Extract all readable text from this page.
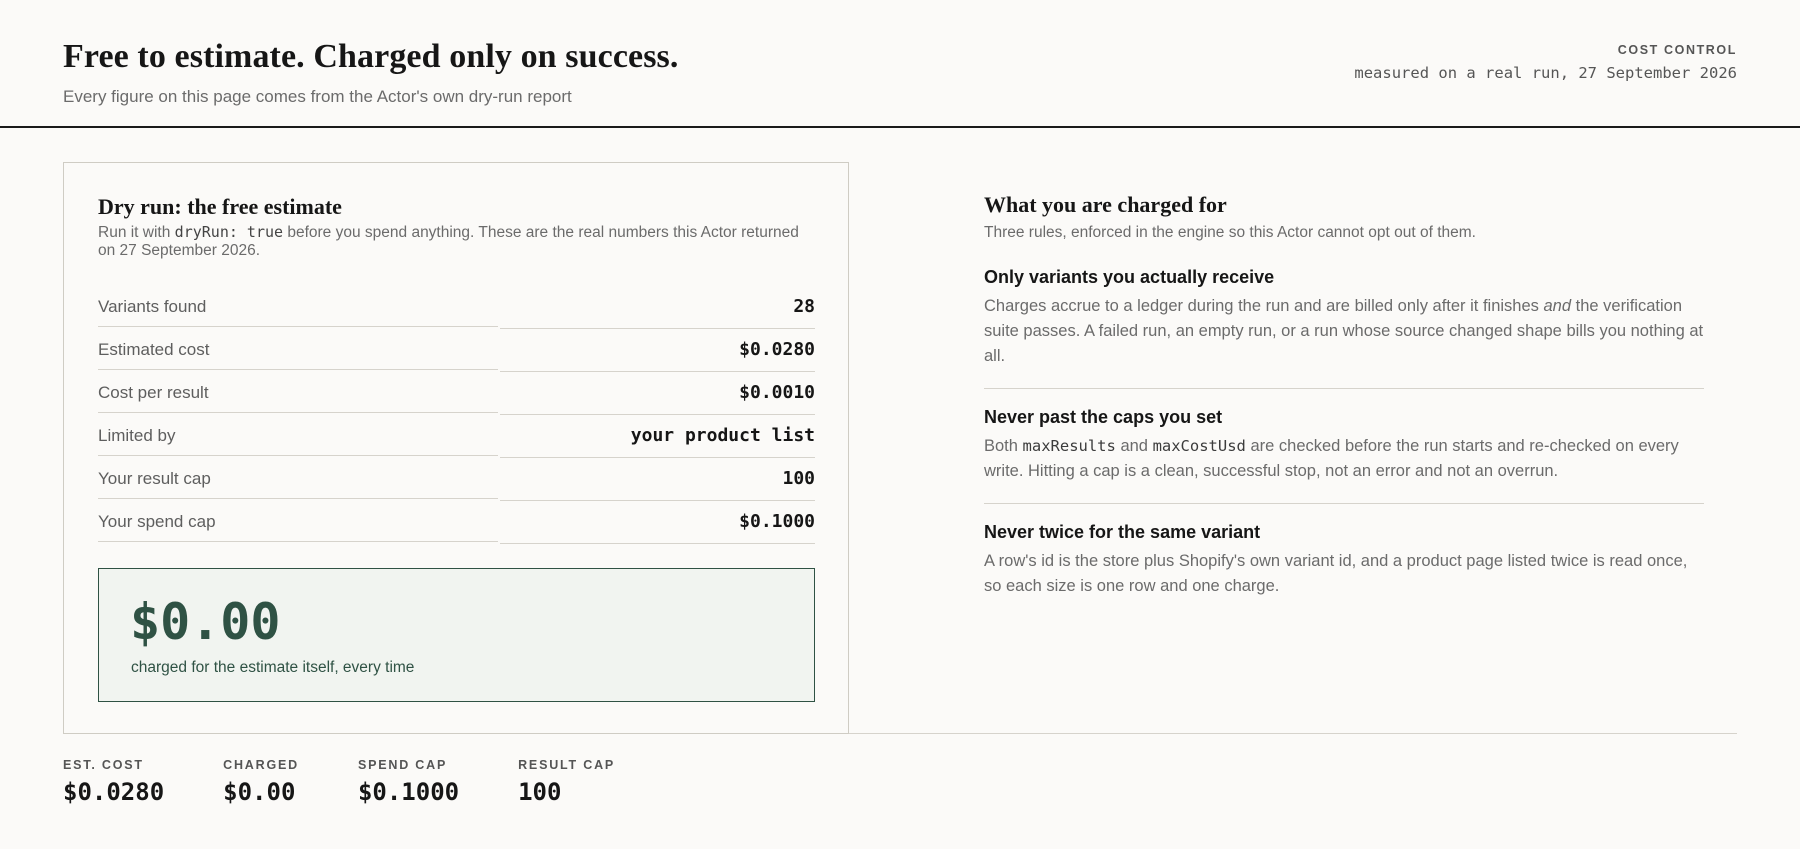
Free to estimate. Charged only on success.
Every figure on this page comes from the Actor's own dry-run report
COST CONTROL
measured on a real run, 27 September 2026
Dry run: the free estimate
Run it with dryRun: true before you spend anything. These are the real numbers this Actor returned on 27 September 2026.
Variants found	28
Estimated cost	$0.0280
Cost per result	$0.0010
Limited by	your product list
Your result cap	100
Your spend cap	$0.1000
$0.00
charged for the estimate itself, every time
What you are charged for
Three rules, enforced in the engine so this Actor cannot opt out of them.
Only variants you actually receive
Charges accrue to a ledger during the run and are billed only after it finishes and the verification suite passes. A failed run, an empty run, or a run whose source changed shape bills you nothing at all.
Never past the caps you set
Both maxResults and maxCostUsd are checked before the run starts and re-checked on every write. Hitting a cap is a clean, successful stop, not an error and not an overrun.
Never twice for the same variant
A row's id is the store plus Shopify's own variant id, and a product page listed twice is read once, so each size is one row and one charge.
EST. COST
$0.0280
CHARGED
$0.00
SPEND CAP
$0.1000
RESULT CAP
100
